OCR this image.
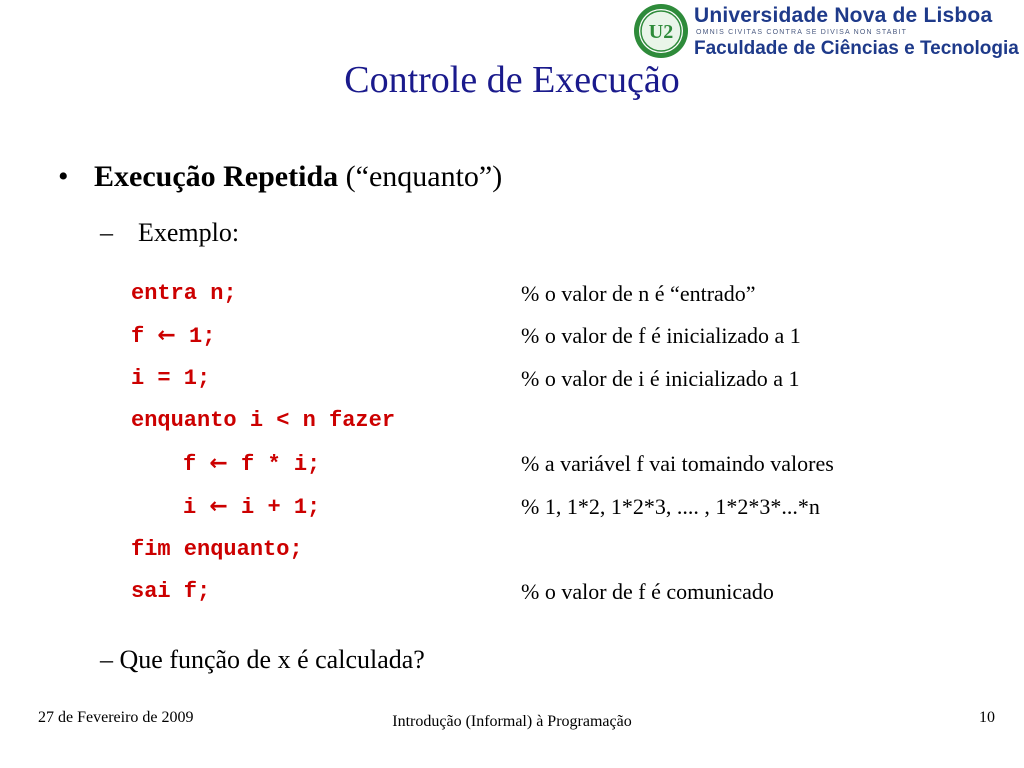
U2
Universidade Nova de Lisboa
OMNIS CIVITAS CONTRA SE DIVISA NON STABIT
Faculdade de Ciências e Tecnologia
Controle de Execução
• Execução Repetida (“enquanto”)
– Exemplo:
entra n;	% o valor de n é “entrado”
f ← 1;	% o valor de f é inicializado a 1
i = 1;	% o valor de i é inicializado a 1
enquanto i < n fazer
f ← f * i;	% a variável f vai tomaindo valores
i ← i + 1;	% 1, 1*2, 1*2*3, .... , 1*2*3*...*n
fim enquanto;
sai f;	% o valor de f é comunicado
– Que função de x é calculada?
27 de Fevereiro de 2009	Introdução (Informal) à Programação	10
